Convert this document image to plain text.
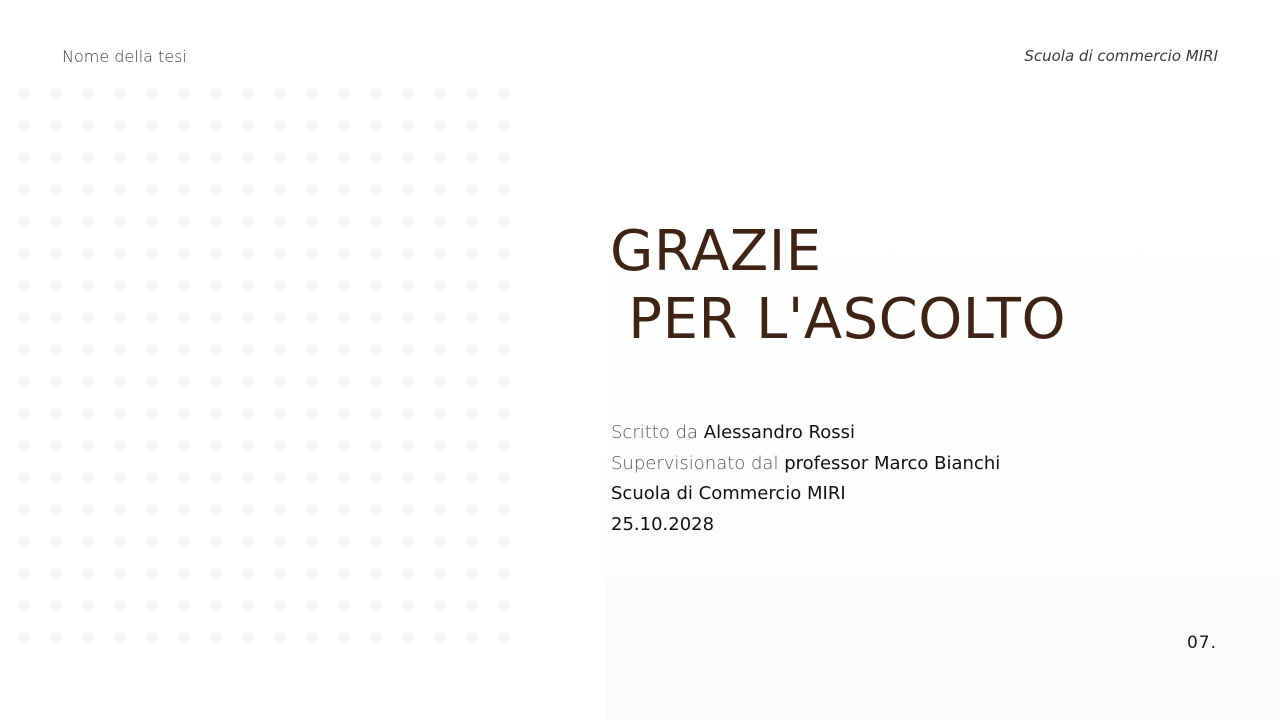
Nome della tesi	Scuola di commercio MIRI
GRAZIE
PER L'ASCOLTO
Scritto da Alessandro Rossi
Supervisionato dal professor Marco Bianchi
Scuola di Commercio MIRI
25.10.2028
07.
